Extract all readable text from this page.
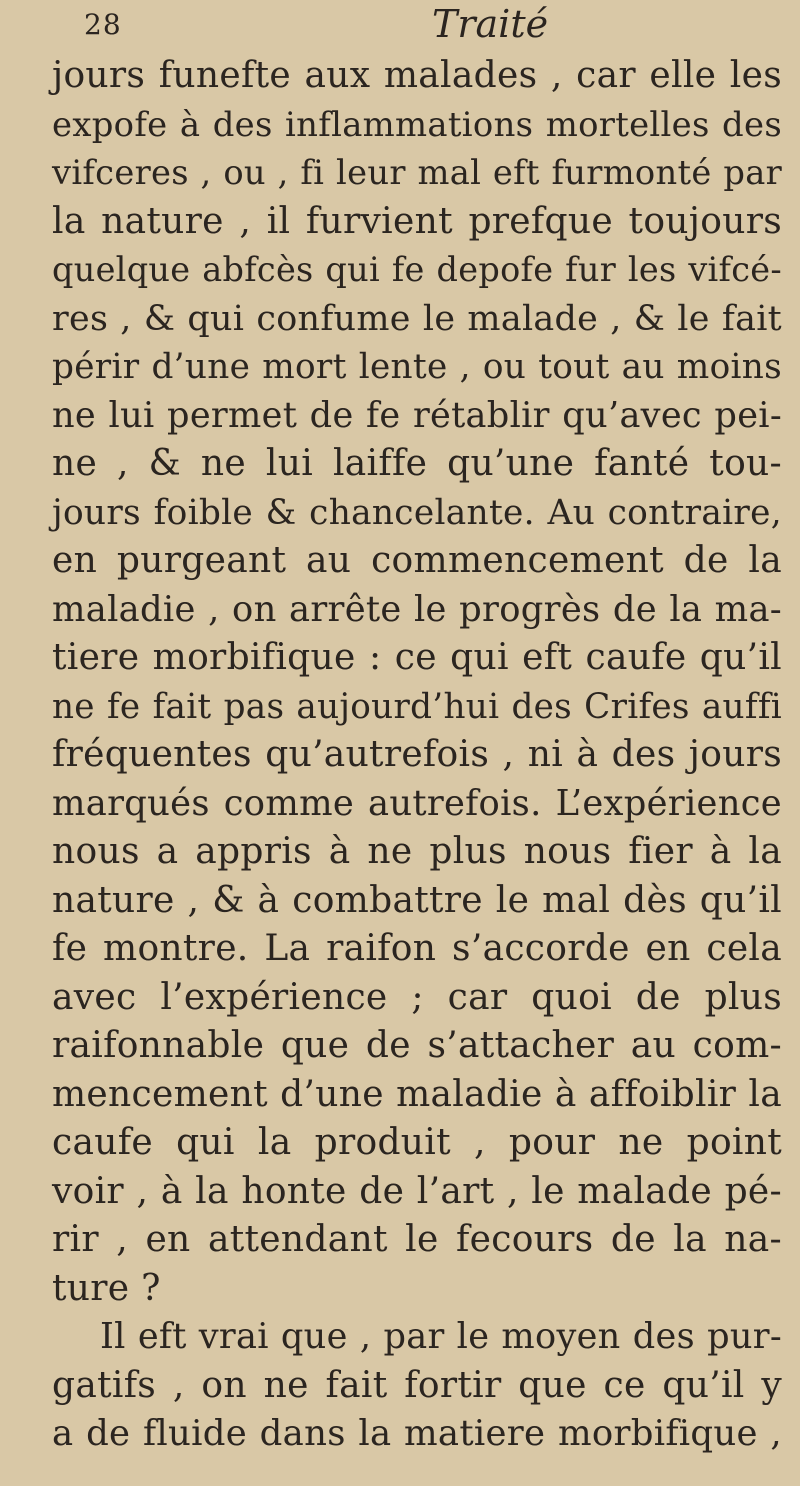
28	Traité
jours funefte aux malades , car elle les
expofe à des inflammations mortelles des
vifceres , ou , fi leur mal eft furmonté par
la nature , il furvient prefque toujours
quelque abfcès qui fe depofe fur les vifcé-
res , & qui confume le malade , & le fait
périr d’une mort lente , ou tout au moins
ne lui permet de fe rétablir qu’avec pei-
ne , & ne lui laiffe qu’une fanté tou-
jours foible & chancelante. Au contraire,
en purgeant au commencement de la
maladie , on arrête le progrès de la ma-
tiere morbifique : ce qui eft caufe qu’il
ne fe fait pas aujourd’hui des Crifes auffi
fréquentes qu’autrefois , ni à des jours
marqués comme autrefois. L’expérience
nous a appris à ne plus nous fier à la
nature , & à combattre le mal dès qu’il
fe montre. La raifon s’accorde en cela
avec l’expérience ; car quoi de plus
raifonnable que de s’attacher au com-
mencement d’une maladie à affoiblir la
caufe qui la produit , pour ne point
voir , à la honte de l’art , le malade pé-
rir , en attendant le fecours de la na-
ture ?
Il eft vrai que , par le moyen des pur-
gatifs , on ne fait fortir que ce qu’il y
a de fluide dans la matiere morbifique ,
